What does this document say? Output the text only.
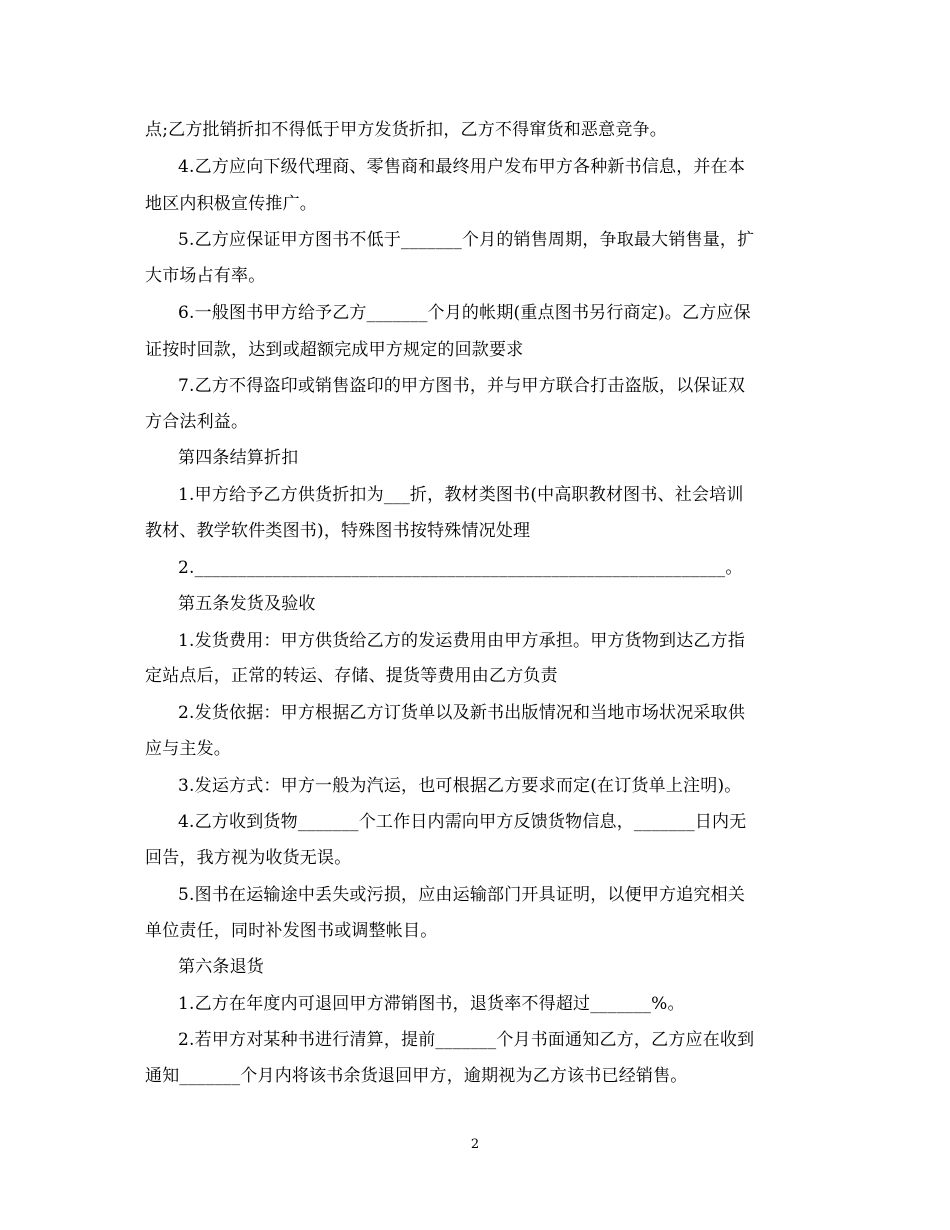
点;乙方批销折扣不得低于甲方发货折扣，乙方不得窜货和恶意竞争。
4.乙方应向下级代理商、零售商和最终用户发布甲方各种新书信息，并在本
地区内积极宣传推广。
5.乙方应保证甲方图书不低于_______个月的销售周期，争取最大销售量，扩
大市场占有率。
6.一般图书甲方给予乙方_______个月的帐期(重点图书另行商定)。乙方应保
证按时回款，达到或超额完成甲方规定的回款要求
7.乙方不得盗印或销售盗印的甲方图书，并与甲方联合打击盗版，以保证双
方合法利益。
第四条结算折扣
1.甲方给予乙方供货折扣为___折，教材类图书(中高职教材图书、社会培训
教材、教学软件类图书)，特殊图书按特殊情况处理
2._____________________________________________________________。
第五条发货及验收
1.发货费用：甲方供货给乙方的发运费用由甲方承担。甲方货物到达乙方指
定站点后，正常的转运、存储、提货等费用由乙方负责
2.发货依据：甲方根据乙方订货单以及新书出版情况和当地市场状况采取供
应与主发。
3.发运方式：甲方一般为汽运，也可根据乙方要求而定(在订货单上注明)。
4.乙方收到货物_______个工作日内需向甲方反馈货物信息，_______日内无
回告，我方视为收货无误。
5.图书在运输途中丢失或污损，应由运输部门开具证明，以便甲方追究相关
单位责任，同时补发图书或调整帐目。
第六条退货
1.乙方在年度内可退回甲方滞销图书，退货率不得超过_______%。
2.若甲方对某种书进行清算，提前_______个月书面通知乙方，乙方应在收到
通知_______个月内将该书余货退回甲方，逾期视为乙方该书已经销售。
2
